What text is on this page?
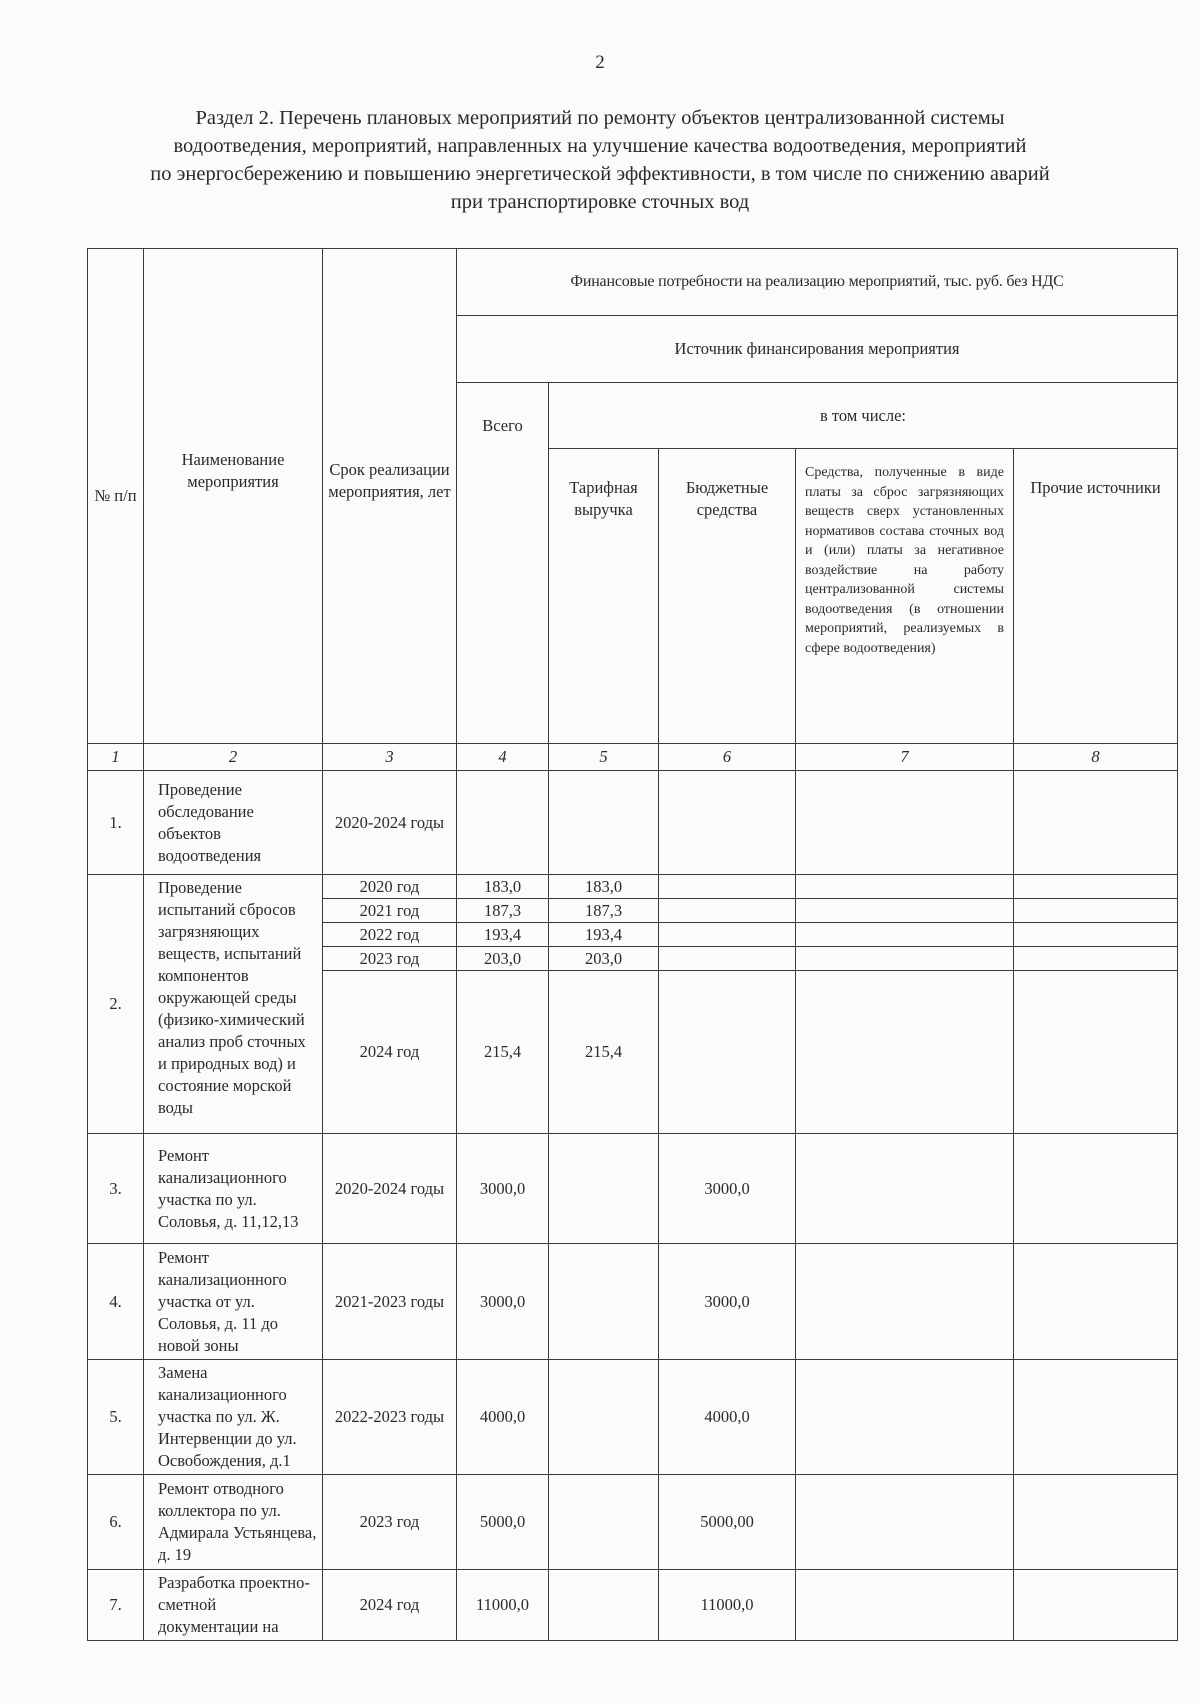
2
Раздел 2. Перечень плановых мероприятий по ремонту объектов централизованной системы
водоотведения, мероприятий, направленных на улучшение качества водоотведения, мероприятий
по энергосбережению и повышению энергетической эффективности, в том числе по снижению аварий
при транспортировке сточных вод
№ п/п	Наименование мероприятия	Срок реализации мероприятия, лет	Финансовые потребности на реализацию мероприятий, тыс. руб. без НДС				
			Источник финансирования мероприятия				
			Всего	в том числе:			
				Тарифная выручка	Бюджетные средства	Средства, полученные в виде платы за сброс загрязняющих веществ сверх установленных нормативов состава сточных вод и (или) платы за негативное воздействие на работу централизованной системы водоотведения (в отношении мероприятий, реализуемых в сфере водоотведения)	Прочие источники

1	2	3	4	5	6	7	8
1.	Проведение обследование объектов водоотведения	2020-2024 годы					
2.	Проведение испытаний сбросов загрязняющих веществ, испытаний компонентов окружающей среды (физико-химический анализ проб сточных и природных вод) и состояние морской воды	2020 год	183,0	183,0			
		2021 год	187,3	187,3			
		2022 год	193,4	193,4			
		2023 год	203,0	203,0			
		2024 год	215,4	215,4			
3.	Ремонт канализационного участка по ул. Соловья, д. 11,12,13	2020-2024 годы	3000,0		3000,0		
4.	Ремонт канализационного участка от ул. Соловья, д. 11 до новой зоны	2021-2023 годы	3000,0		3000,0		
5.	Замена канализационного участка по ул. Ж. Интервенции до ул. Освобождения, д.1	2022-2023 годы	4000,0		4000,0		
6.	Ремонт отводного коллектора по ул. Адмирала Устьянцева, д. 19	2023 год	5000,0		5000,00		
7.	Разработка проектно-сметной документации на	2024 год	11000,0		11000,0		
